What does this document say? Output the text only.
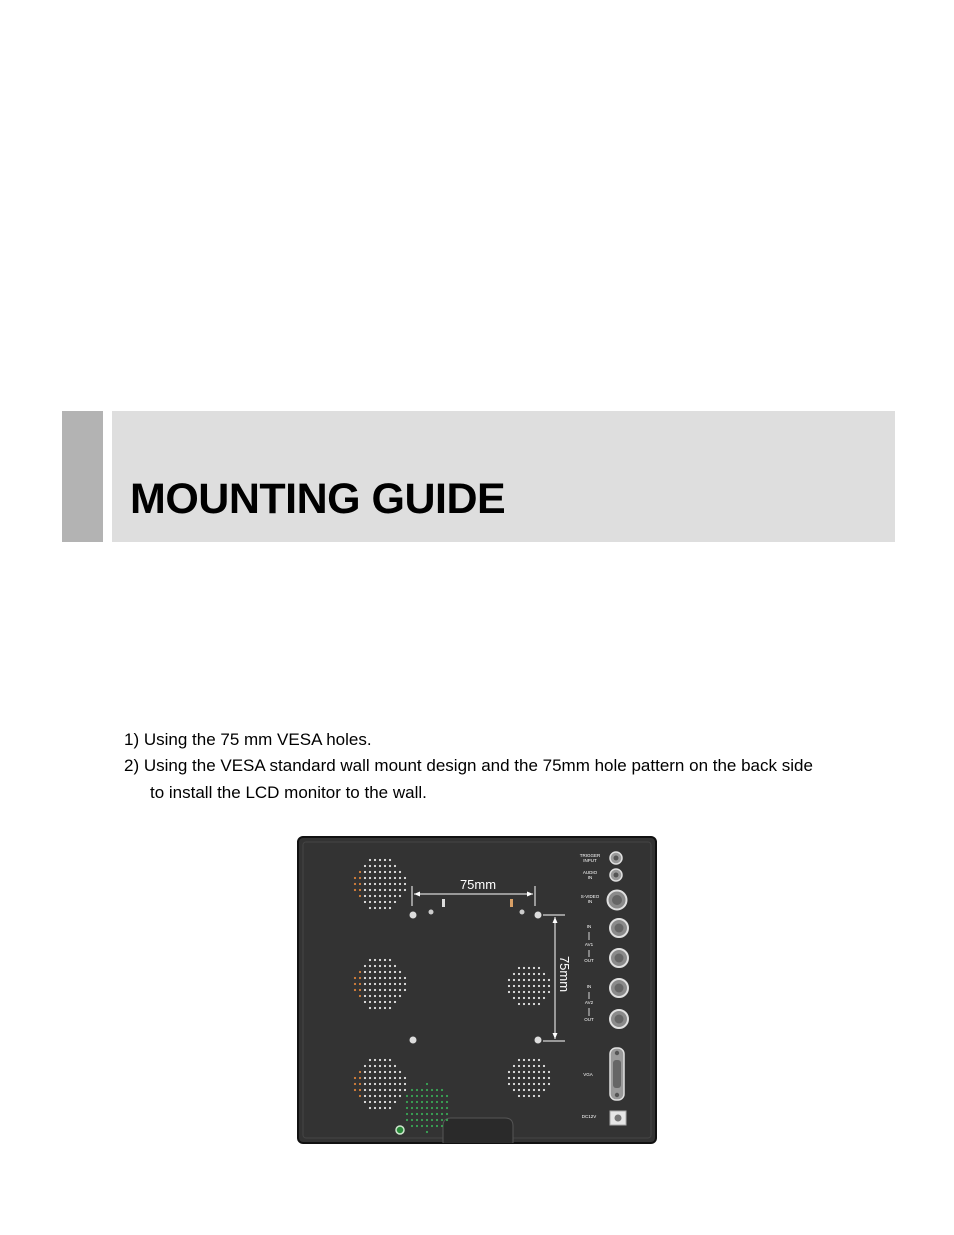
MOUNTING GUIDE

1) Using the 75 mm VESA holes.

2) Using the VESA standard wall mount design and the 75mm hole pattern on the back side

to install the LCD monitor to the wall.

75mm
75mm
TRIGGER
INPUT
AUDIO
IN
S-VIDEO
IN
IN
AV1
OUT
IN
AV2
OUT
VGA
DC12V
